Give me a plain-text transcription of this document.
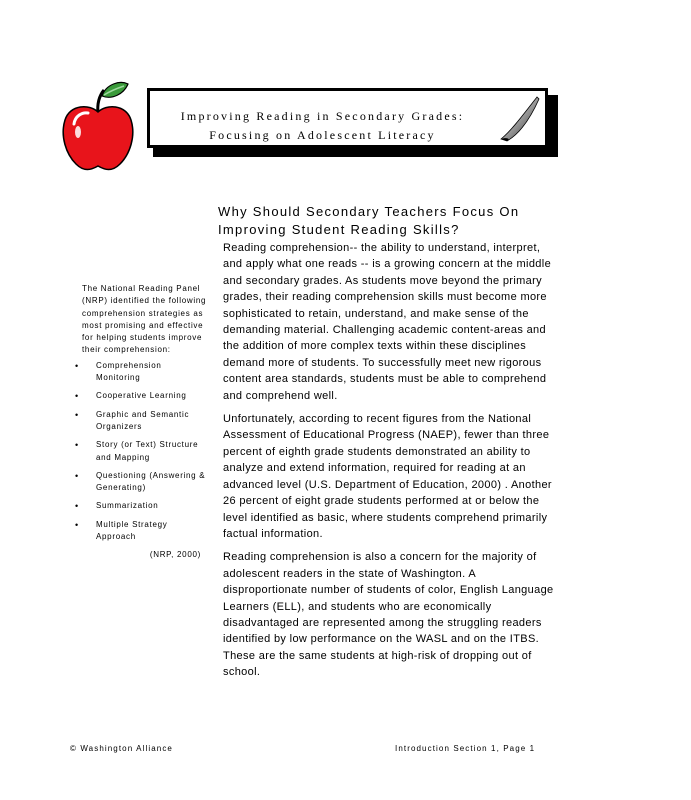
Improving Reading in Secondary Grades:
Focusing on Adolescent Literacy
Why Should Secondary Teachers Focus On
Improving Student Reading Skills?

Reading comprehension-- the ability to understand, interpret, and apply what one reads -- is a growing concern at the middle and secondary grades. As students move beyond the primary grades, their reading comprehension skills must become more sophisticated to retain, understand, and make sense of the demanding material. Challenging academic content-areas and the addition of more complex texts within these disciplines demand more of students. To successfully meet new rigorous content area standards, students must be able to comprehend and comprehend well.

Unfortunately, according to recent figures from the National Assessment of Educational Progress (NAEP), fewer than three percent of eighth grade students demonstrated an ability to analyze and extend information, required for reading at an advanced level (U.S. Department of Education, 2000) . Another 26 percent of eight grade students performed at or below the level identified as basic, where students comprehend primarily factual information.

Reading comprehension is also a concern for the majority of adolescent readers in the state of Washington. A disproportionate number of students of color, English Language Learners (ELL), and students who are economically disadvantaged are represented among the struggling readers identified by low performance on the WASL and on the ITBS. These are the same students at high-risk of dropping out of school.

The National Reading Panel (NRP) identified the following comprehension strategies as most promising and effective for helping students improve their comprehension:

• Comprehension Monitoring
• Cooperative Learning
• Graphic and Semantic Organizers
• Story (or Text) Structure and Mapping
• Questioning (Answering & Generating)
• Summarization
• Multiple Strategy Approach
(NRP, 2000)
© Washington Alliance	Introduction Section 1, Page 1
